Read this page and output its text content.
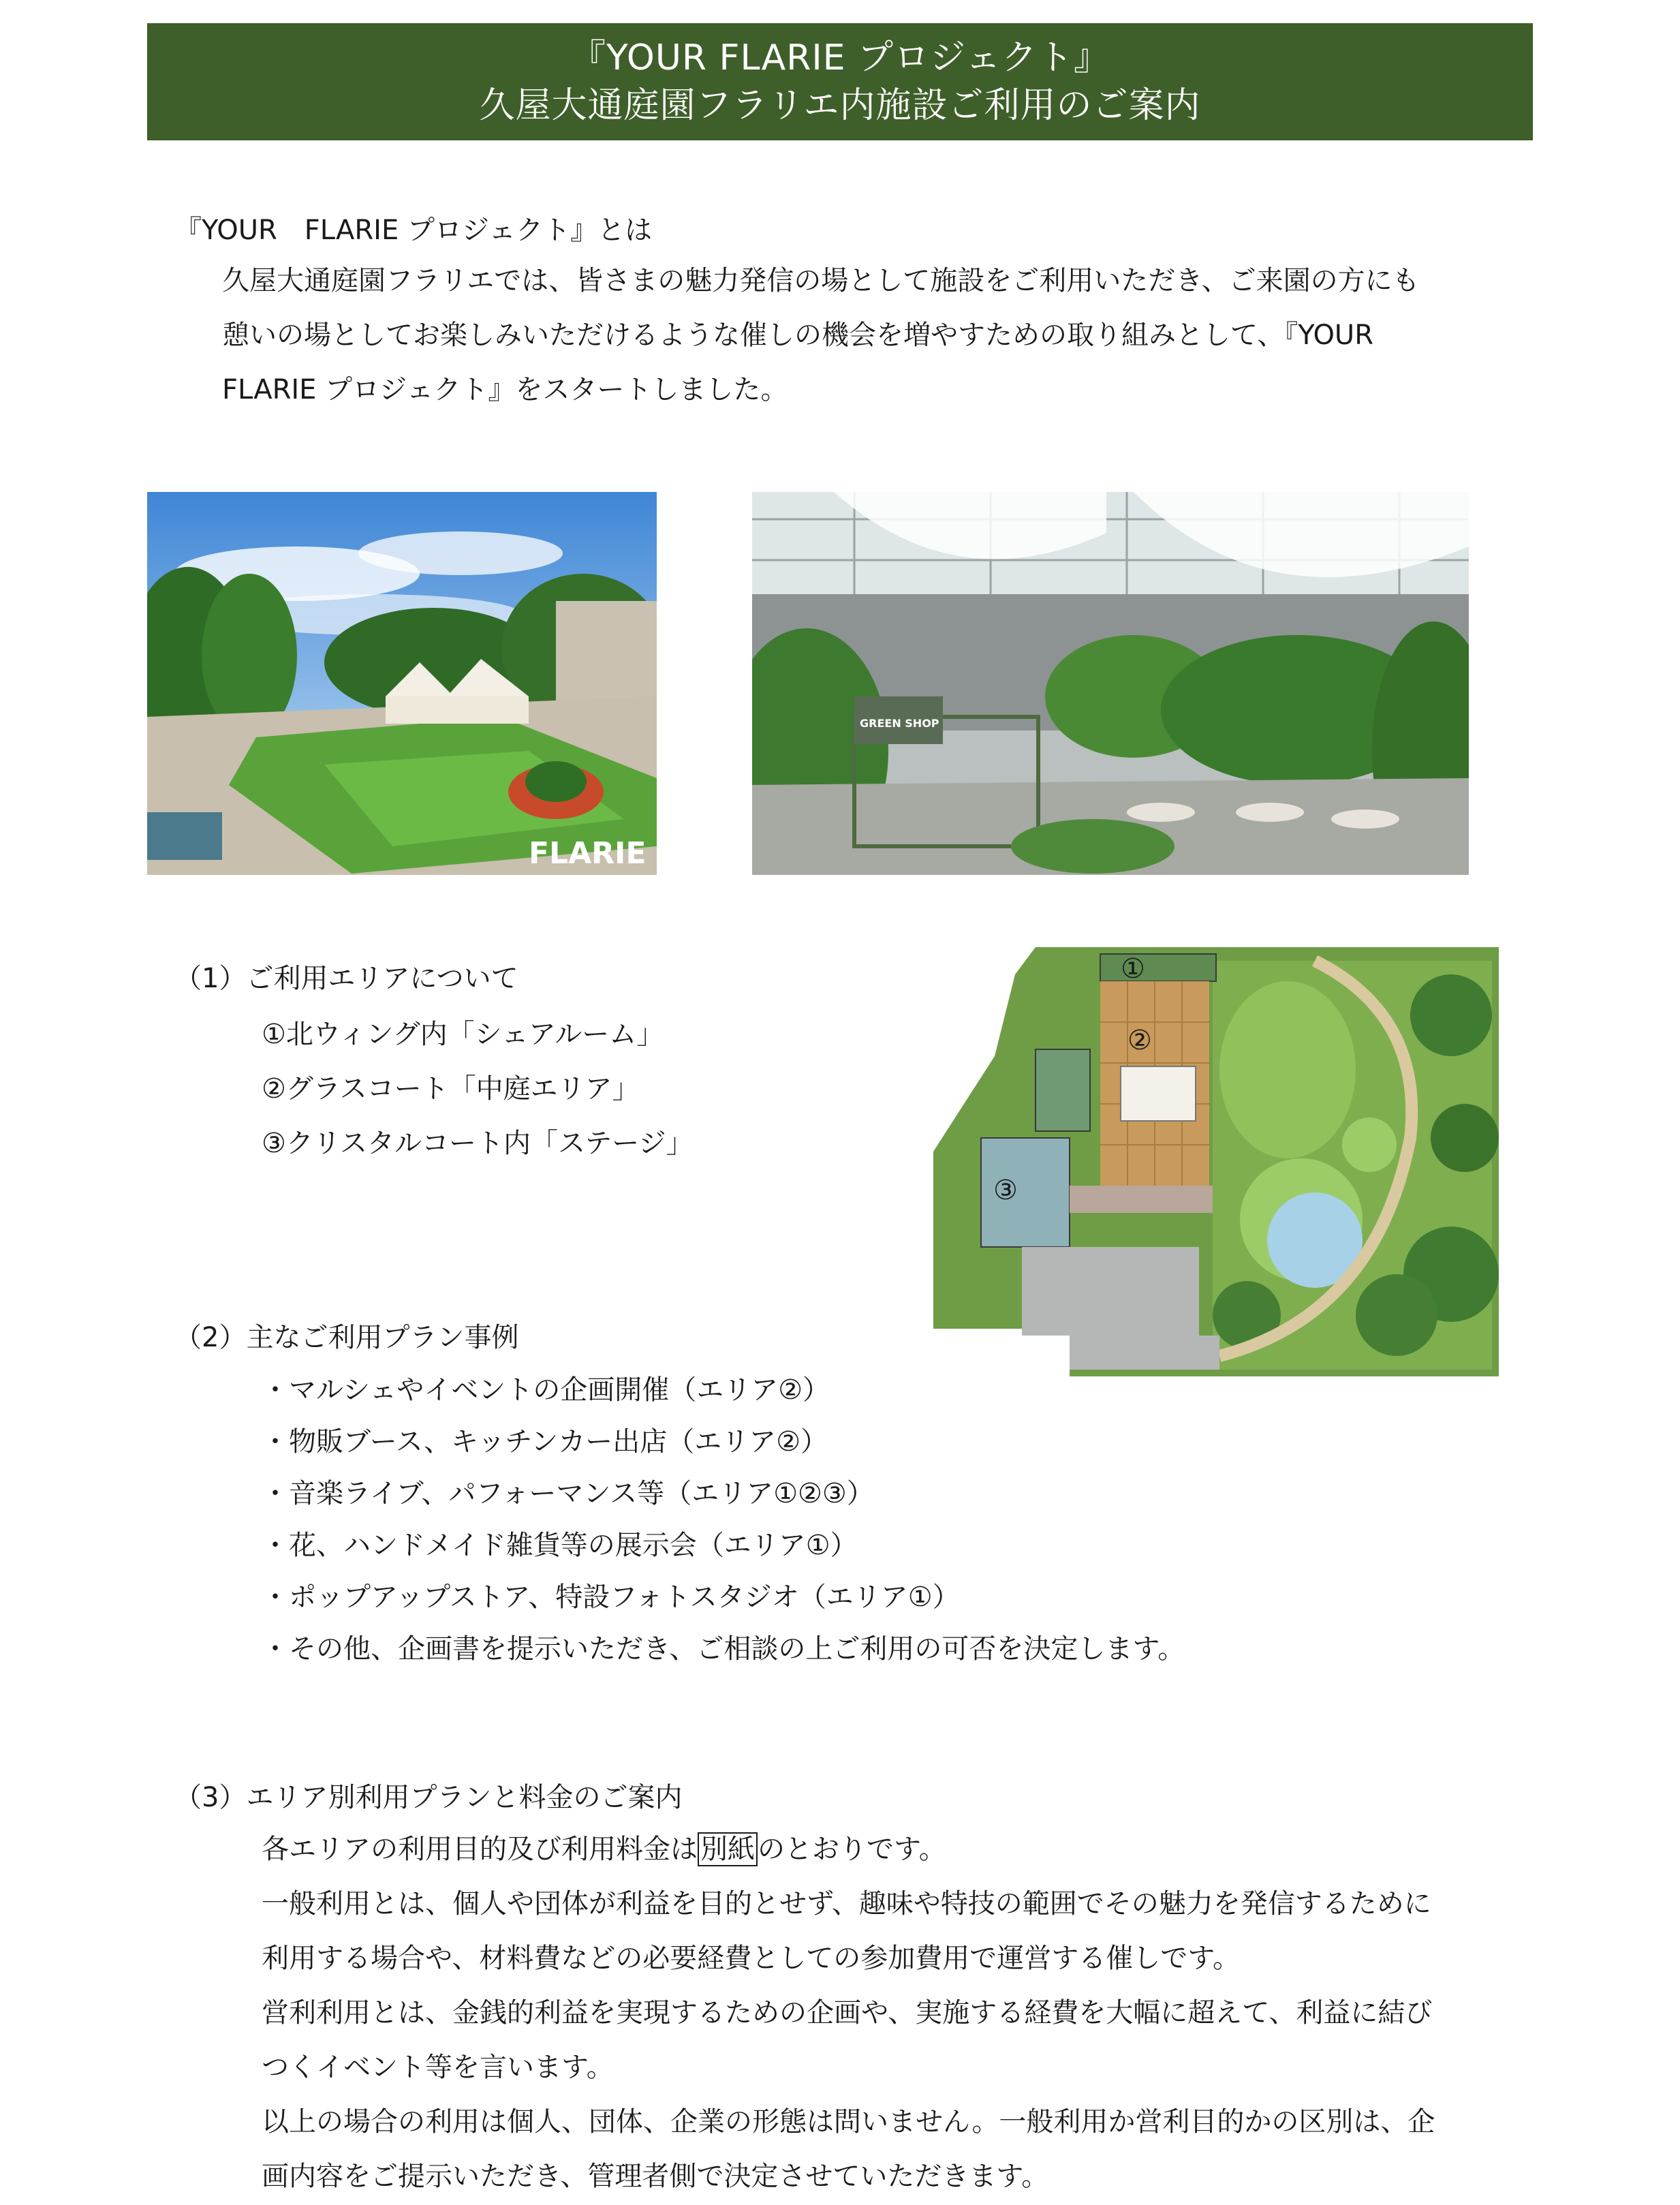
『YOUR FLARIE プロジェクト』
久屋大通庭園フラリエ内施設ご利用のご案内
『YOUR　FLARIE プロジェクト』とは
久屋大通庭園フラリエでは、皆さまの魅力発信の場として施設をご利用いただき、ご来園の方にも
憩いの場としてお楽しみいただけるような催しの機会を増やすための取り組みとして、『YOUR
FLARIE プロジェクト』をスタートしました。
FLARIE
GREEN SHOP
（1）ご利用エリアについて
①北ウィング内「シェアルーム」
②グラスコート「中庭エリア」
③クリスタルコート内「ステージ」
①
②
③
（2）主なご利用プラン事例
・マルシェやイベントの企画開催（エリア②）
・物販ブース、キッチンカー出店（エリア②）
・音楽ライブ、パフォーマンス等（エリア①②③）
・花、ハンドメイド雑貨等の展示会（エリア①）
・ポップアップストア、特設フォトスタジオ（エリア①）
・その他、企画書を提示いただき、ご相談の上ご利用の可否を決定します。
（3）エリア別利用プランと料金のご案内
各エリアの利用目的及び利用料金は 別紙 のとおりです。
一般利用とは、個人や団体が利益を目的とせず、趣味や特技の範囲でその魅力を発信するために
利用する場合や、材料費などの必要経費としての参加費用で運営する催しです。
営利利用とは、金銭的利益を実現するための企画や、実施する経費を大幅に超えて、利益に結び
つくイベント等を言います。
以上の場合の利用は個人、団体、企業の形態は問いません。一般利用か営利目的かの区別は、企
画内容をご提示いただき、管理者側で決定させていただきます。
